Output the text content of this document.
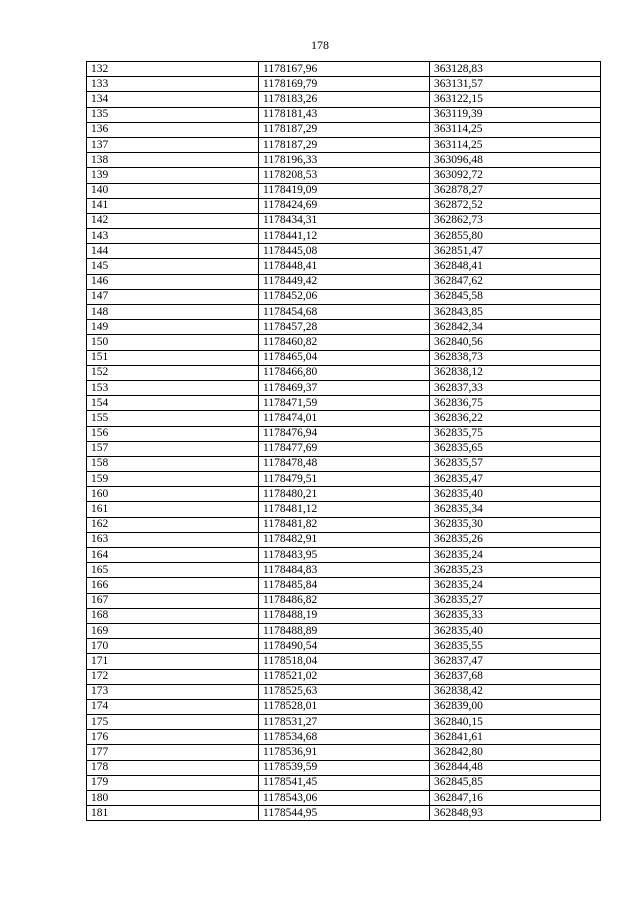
178
132	1178167,96	363128,83
133	1178169,79	363131,57
134	1178183,26	363122,15
135	1178181,43	363119,39
136	1178187,29	363114,25
137	1178187,29	363114,25
138	1178196,33	363096,48
139	1178208,53	363092,72
140	1178419,09	362878,27
141	1178424,69	362872,52
142	1178434,31	362862,73
143	1178441,12	362855,80
144	1178445,08	362851,47
145	1178448,41	362848,41
146	1178449,42	362847,62
147	1178452,06	362845,58
148	1178454,68	362843,85
149	1178457,28	362842,34
150	1178460,82	362840,56
151	1178465,04	362838,73
152	1178466,80	362838,12
153	1178469,37	362837,33
154	1178471,59	362836,75
155	1178474,01	362836,22
156	1178476,94	362835,75
157	1178477,69	362835,65
158	1178478,48	362835,57
159	1178479,51	362835,47
160	1178480,21	362835,40
161	1178481,12	362835,34
162	1178481,82	362835,30
163	1178482,91	362835,26
164	1178483,95	362835,24
165	1178484,83	362835,23
166	1178485,84	362835,24
167	1178486,82	362835,27
168	1178488,19	362835,33
169	1178488,89	362835,40
170	1178490,54	362835,55
171	1178518,04	362837,47
172	1178521,02	362837,68
173	1178525,63	362838,42
174	1178528,01	362839,00
175	1178531,27	362840,15
176	1178534,68	362841,61
177	1178536,91	362842,80
178	1178539,59	362844,48
179	1178541,45	362845,85
180	1178543,06	362847,16
181	1178544,95	362848,93
